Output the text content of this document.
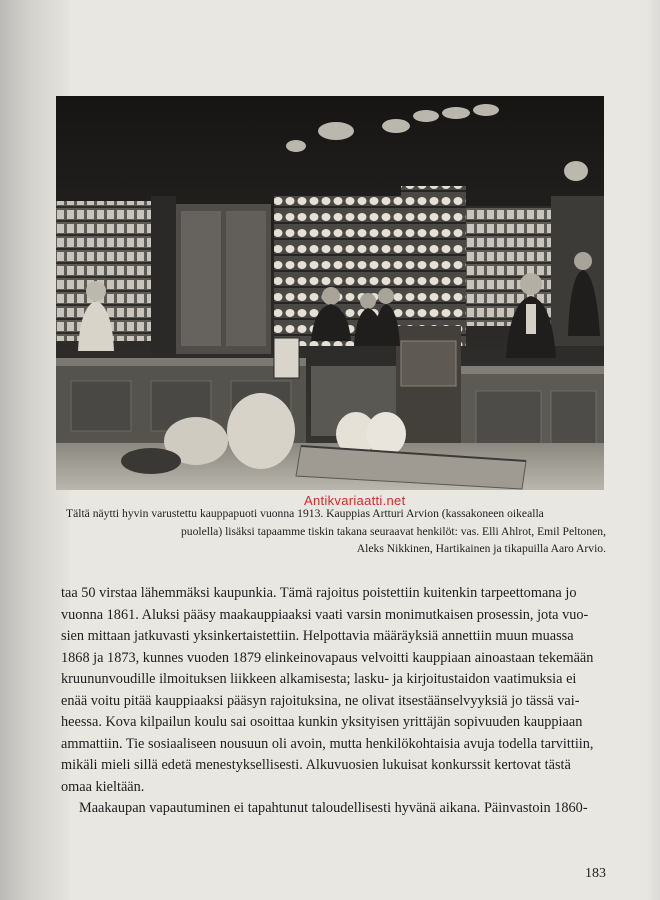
Antikvariaatti.net
Tältä näytti hyvin varustettu kauppapuoti vuonna 1913. Kauppias Artturi Arvion (kassakoneen oikealla
puolella) lisäksi tapaamme tiskin takana seuraavat henkilöt: vas. Elli Ahlrot, Emil Peltonen,
Aleks Nikkinen, Hartikainen ja tikapuilla Aaro Arvio.
taa 50 virstaa lähemmäksi kaupunkia. Tämä rajoitus poistettiin kuitenkin tarpeettomana jo
vuonna 1861. Aluksi pääsy maakauppiaaksi vaati varsin monimutkaisen prosessin, jota vuo-
sien mittaan jatkuvasti yksinkertaistettiin. Helpottavia määräyksiä annettiin muun muassa
1868 ja 1873, kunnes vuoden 1879 elinkeinovapaus velvoitti kauppiaan ainoastaan tekemään
kruununvoudille ilmoituksen liikkeen alkamisesta; lasku- ja kirjoitustaidon vaatimuksia ei
enää voitu pitää kauppiaaksi pääsyn rajoituksina, ne olivat itsestäänselvyyksiä jo tässä vai-
heessa. Kova kilpailun koulu sai osoittaa kunkin yksityisen yrittäjän sopivuuden kauppiaan
ammattiin. Tie sosiaaliseen nousuun oli avoin, mutta henkilökohtaisia avuja todella tarvittiin,
mikäli mieli sillä edetä menestyksellisesti. Alkuvuosien lukuisat konkurssit kertovat tästä
omaa kieltään.
Maakaupan vapautuminen ei tapahtunut taloudellisesti hyvänä aikana. Päinvastoin 1860-
183
